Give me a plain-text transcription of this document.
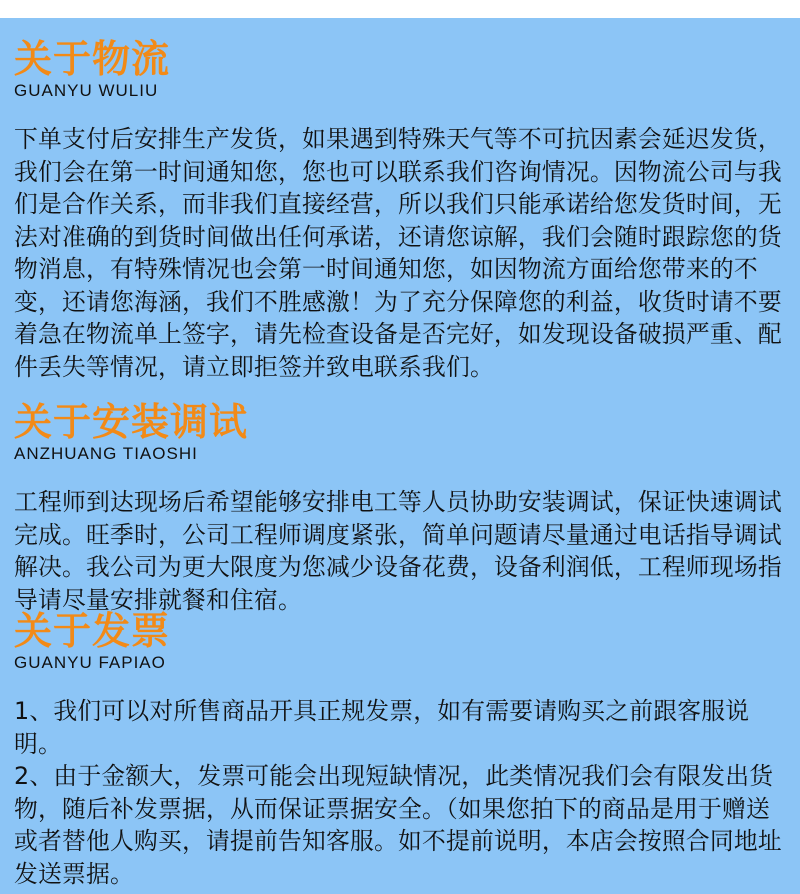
关于物流
GUANYU WULIU
下单支付后安排生产发货，如果遇到特殊天气等不可抗因素会延迟发货，我们会在第一时间通知您，您也可以联系我们咨询情况。因物流公司与我们是合作关系，而非我们直接经营，所以我们只能承诺给您发货时间，无法对准确的到货时间做出任何承诺，还请您谅解，我们会随时跟踪您的货物消息，有特殊情况也会第一时间通知您，如因物流方面给您带来的不变，还请您海涵，我们不胜感激！为了充分保障您的利益，收货时请不要着急在物流单上签字，请先检查设备是否完好，如发现设备破损严重、配件丢失等情况，请立即拒签并致电联系我们。
关于安装调试
ANZHUANG TIAOSHI
工程师到达现场后希望能够安排电工等人员协助安装调试，保证快速调试完成。旺季时，公司工程师调度紧张，简单问题请尽量通过电话指导调试解决。我公司为更大限度为您减少设备花费，设备利润低，工程师现场指导请尽量安排就餐和住宿。
关于发票
GUANYU FAPIAO
1、我们可以对所售商品开具正规发票，如有需要请购买之前跟客服说明。
2、由于金额大，发票可能会出现短缺情况，此类情况我们会有限发出货物，随后补发票据，从而保证票据安全。（如果您拍下的商品是用于赠送或者替他人购买，请提前告知客服。如不提前说明，本店会按照合同地址发送票据。
